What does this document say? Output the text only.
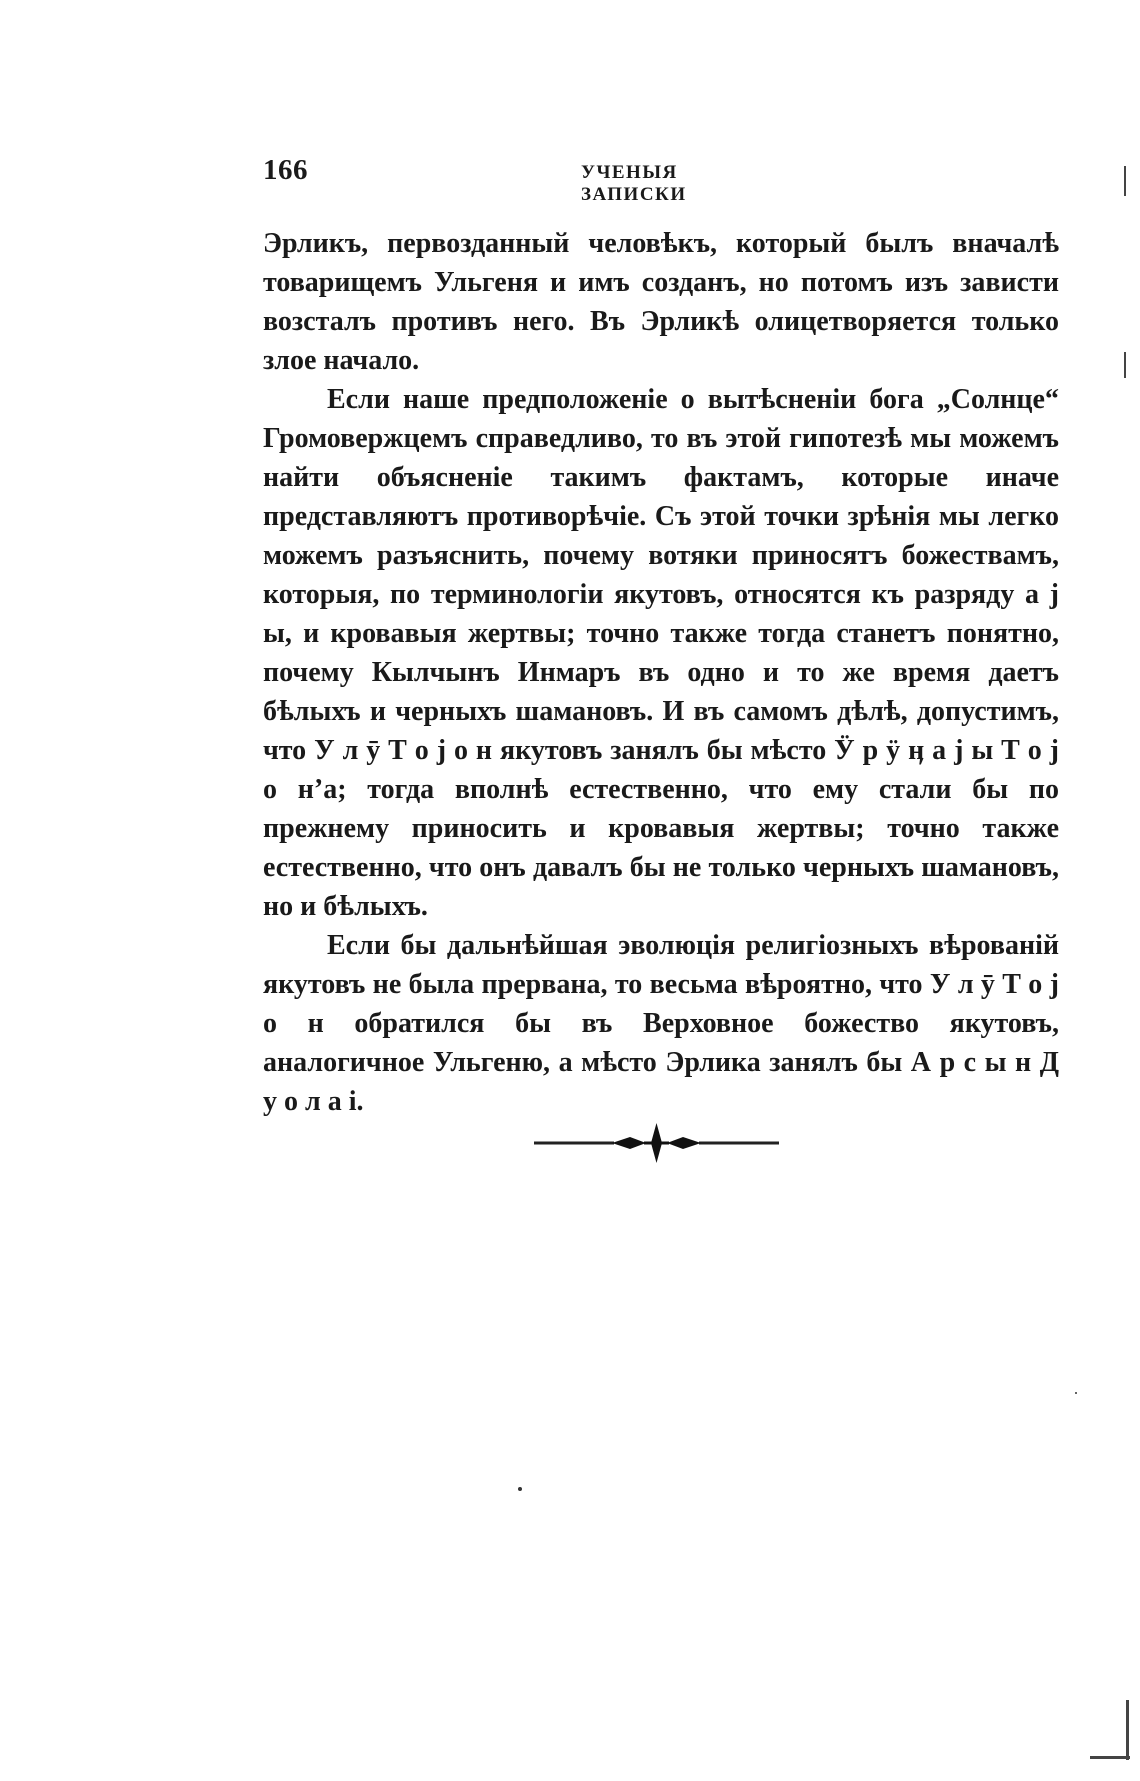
166	УЧЕНЫЯ ЗАПИСКИ

Эрликъ, первозданный человѣкъ, который былъ вначалѣ товарищемъ Ульгеня и имъ созданъ, но потомъ изъ зависти возсталъ противъ него. Въ Эрликѣ олицетворяется только злое начало.

Если наше предположеніе о вытѣсненіи бога „Солнце“ Громовержцемъ справедливо, то въ этой гипотезѣ мы можемъ найти объясненіе такимъ фактамъ, которые иначе представляютъ противорѣчіе. Съ этой точки зрѣнія мы легко можемъ разъяснить, почему вотяки приносятъ божествамъ, которыя, по терминологіи якутовъ, относятся къ разряду а j ы, и кровавыя жертвы; точно также тогда станетъ понятно, почему Кылчынъ Инмаръ въ одно и то же время даетъ бѣлыхъ и черныхъ шамановъ. И въ самомъ дѣлѣ, допустимъ, что У л ӯ Т о j о н якутовъ занялъ бы мѣсто Ӱ р ӱ ӊ а j ы Т о j о н’а; тогда вполнѣ естественно, что ему стали бы по прежнему приносить и кровавыя жертвы; точно также естественно, что онъ давалъ бы не только черныхъ шамановъ, но и бѣлыхъ.

Если бы дальнѣйшая эволюція религіозныхъ вѣрованій якутовъ не была прервана, то весьма вѣроятно, что У л ӯ Т о j о н обратился бы въ Верховное божество якутовъ, аналогичное Ульгеню, а мѣсто Эрлика занялъ бы А р с ы н Д у о л а і.
